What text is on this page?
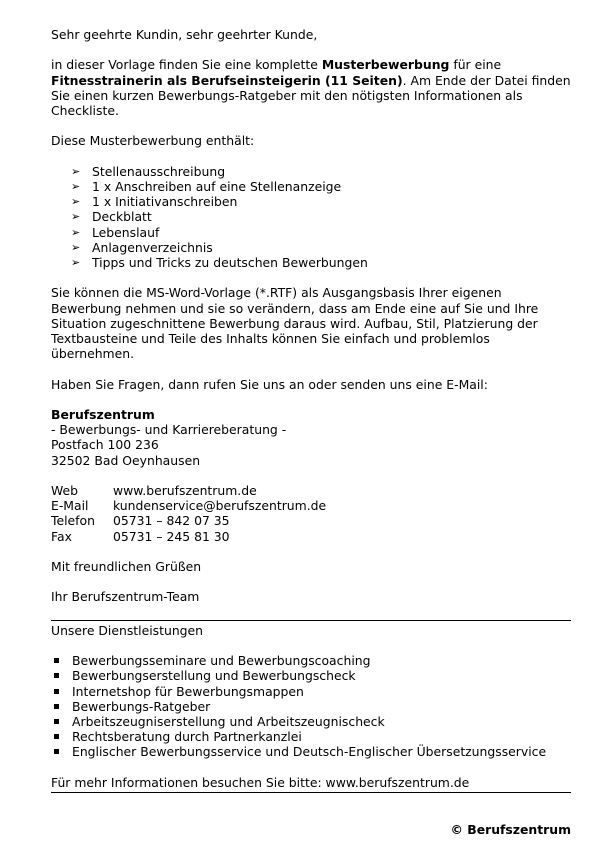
Sehr geehrte Kundin, sehr geehrter Kunde,

in dieser Vorlage finden Sie eine komplette Musterbewerbung für eine Fitnesstrainerin als Berufseinsteigerin (11 Seiten). Am Ende der Datei finden Sie einen kurzen Bewerbungs-Ratgeber mit den nötigsten Informationen als Checkliste.

Diese Musterbewerbung enthält:

➢ Stellenausschreibung
➢ 1 x Anschreiben auf eine Stellenanzeige
➢ 1 x Initiativanschreiben
➢ Deckblatt
➢ Lebenslauf
➢ Anlagenverzeichnis
➢ Tipps und Tricks zu deutschen Bewerbungen

Sie können die MS-Word-Vorlage (*.RTF) als Ausgangsbasis Ihrer eigenen Bewerbung nehmen und sie so verändern, dass am Ende eine auf Sie und Ihre Situation zugeschnittene Bewerbung daraus wird. Aufbau, Stil, Platzierung der Textbausteine und Teile des Inhalts können Sie einfach und problemlos übernehmen.

Haben Sie Fragen, dann rufen Sie uns an oder senden uns eine E-Mail:

Berufszentrum

- Bewerbungs- und Karriereberatung -

Postfach 100 236

32502 Bad Oeynhausen

Web	www.berufszentrum.de
E-Mail	kundenservice@berufszentrum.de
Telefon	05731 – 842 07 35
Fax	05731 – 245 81 30

Mit freundlichen Grüßen

Ihr Berufszentrum-Team

Unsere Dienstleistungen

Bewerbungsseminare und Bewerbungscoaching
Bewerbungserstellung und Bewerbungscheck
Internetshop für Bewerbungsmappen
Bewerbungs-Ratgeber
Arbeitszeugniserstellung und Arbeitszeugnischeck
Rechtsberatung durch Partnerkanzlei
Englischer Bewerbungsservice und Deutsch-Englischer Übersetzungsservice

Für mehr Informationen besuchen Sie bitte: www.berufszentrum.de

© Berufszentrum
